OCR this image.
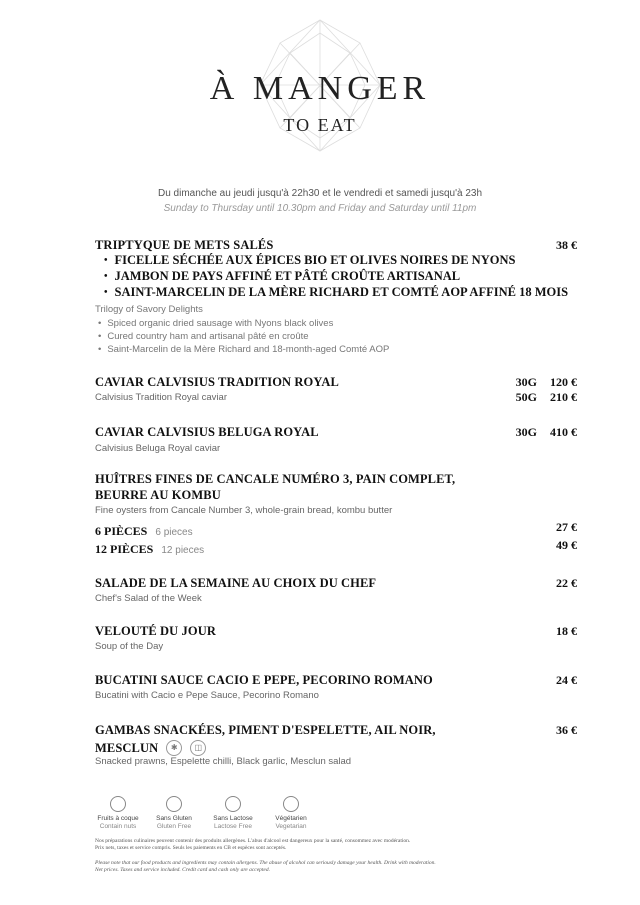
À MANGER
TO EAT
Du dimanche au jeudi jusqu'à 22h30 et le vendredi et samedi jusqu'à 23h
Sunday to Thursday until 10.30pm and Friday and Saturday until 11pm
TRIPTYQUE DE METS SALÉS	38 €
• FICELLE SÉCHÉE AUX ÉPICES BIO ET OLIVES NOIRES DE NYONS
• JAMBON DE PAYS AFFINÉ ET PÂTÉ CROÛTE ARTISANAL
• SAINT-MARCELIN DE LA MÈRE RICHARD ET COMTÉ AOP AFFINÉ 18 MOIS
Trilogy of Savory Delights
• Spiced organic dried sausage with Nyons black olives
• Cured country ham and artisanal pâté en croûte
• Saint-Marcelin de la Mère Richard and 18-month-aged Comté AOP
CAVIAR CALVISIUS TRADITION ROYAL
Calvisius Tradition Royal caviar
30G	120 €
50G	210 €
CAVIAR CALVISIUS BELUGA ROYAL
Calvisius Beluga Royal caviar
30G	410 €
HUÎTRES FINES DE CANCALE NUMÉRO 3, PAIN COMPLET,
BEURRE AU KOMBU
Fine oysters from Cancale Number 3, whole-grain bread, kombu butter
6 PIÈCES 6 pieces	27 €
12 PIÈCES 12 pieces	49 €
SALADE DE LA SEMAINE AU CHOIX DU CHEF
Chef's Salad of the Week
22 €
VELOUTÉ DU JOUR
Soup of the Day
18 €
BUCATINI SAUCE CACIO E PEPE, PECORINO ROMANO
Bucatini with Cacio e Pepe Sauce, Pecorino Romano
24 €
GAMBAS SNACKÉES, PIMENT D'ESPELETTE, AIL NOIR,
MESCLUN ✱ ◫
Snacked prawns, Espelette chilli, Black garlic, Mesclun salad
36 €
Fruits à coque
Contain nuts
Sans Gluten
Gluten Free
Sans Lactose
Lactose Free
Végétarien
Vegetarian
Nos préparations culinaires peuvent contenir des produits allergènes. L'abus d'alcool est dangereux pour la santé, consommez avec modération.
Prix nets, taxes et service compris. Seuls les paiements en CB et espèces sont acceptés.
Please note that our food products and ingredients may contain allergens. The abuse of alcohol can seriously damage your health. Drink with moderation.
Net prices. Taxes and service included. Credit card and cash only are accepted.
